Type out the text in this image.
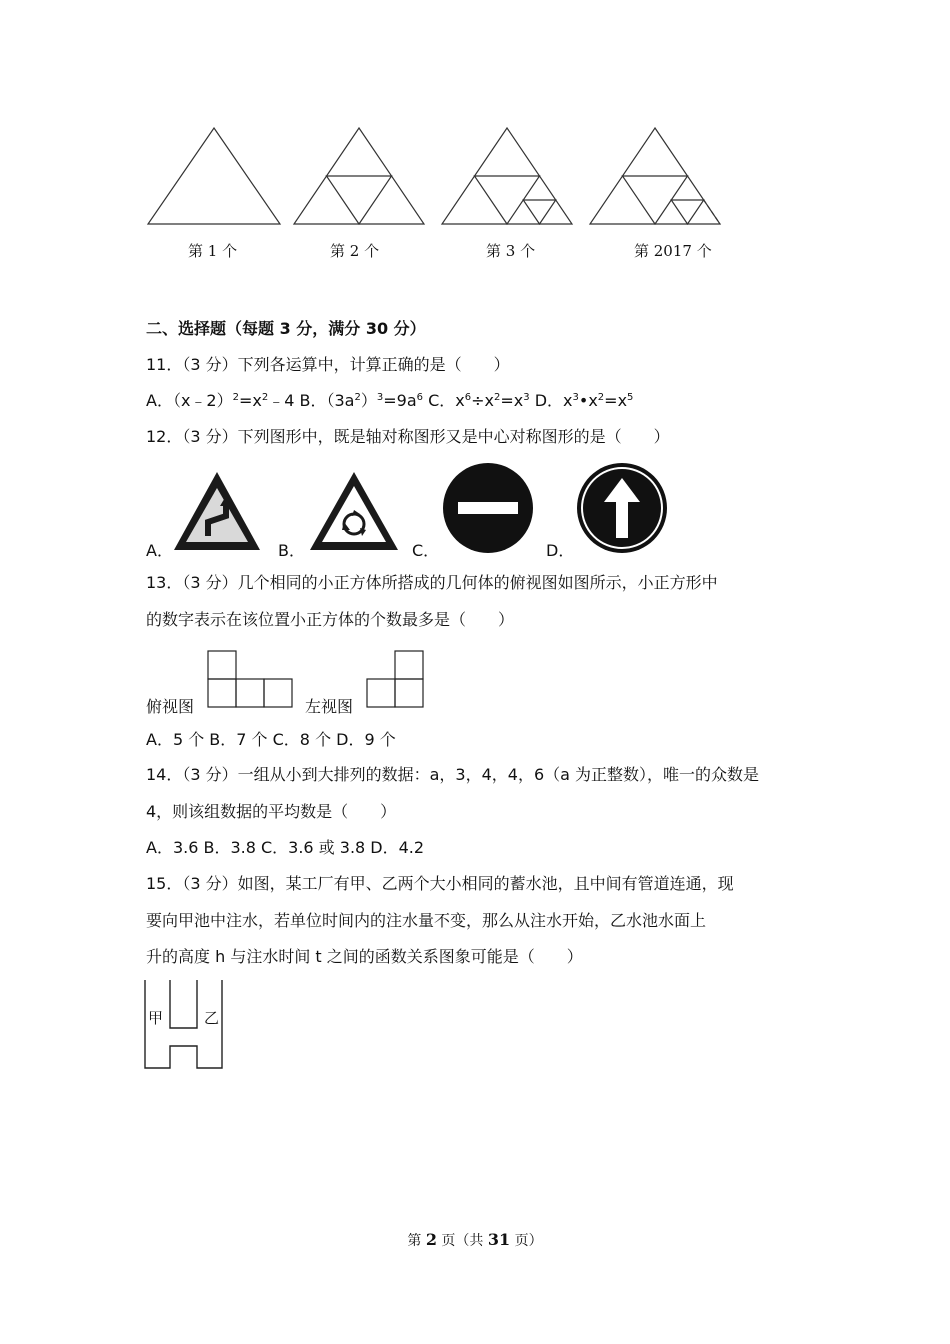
第 1 个	第 2 个	第 3 个	第 2017 个
二、选择题（每题 3 分，满分 30 分）
11．（3 分）下列各运算中，计算正确的是（　　）
A．$(x﹣2)^2=x^2﹣4$ B．$(3a^2)^3=9a^6$ C．$x^6\div x^2=x^3$ D．$x^3•x^2=x^5$
12．（3 分）下列图形中，既是轴对称图形又是中心对称图形的是（　　）
A．	B．	C．	D．
13．（3 分）几个相同的小正方体所搭成的几何体的俯视图如图所示，小正方形中
的数字表示在该位置小正方体的个数最多是（　　）
俯视图	左视图
A．5 个 B．7 个 C．8 个 D．9 个
14．（3 分）一组从小到大排列的数据：a，3，4，4，6（a 为正整数），唯一的众数是
4，则该组数据的平均数是（　　）
A．3.6 B．3.8 C．3.6 或 3.8 D．4.2
15．（3 分）如图，某工厂有甲、乙两个大小相同的蓄水池，且中间有管道连通，现
要向甲池中注水，若单位时间内的注水量不变，那么从注水开始，乙水池水面上
升的高度 h 与注水时间 t 之间的函数关系图象可能是（　　）
甲	乙
第 2 页（共 31 页）
